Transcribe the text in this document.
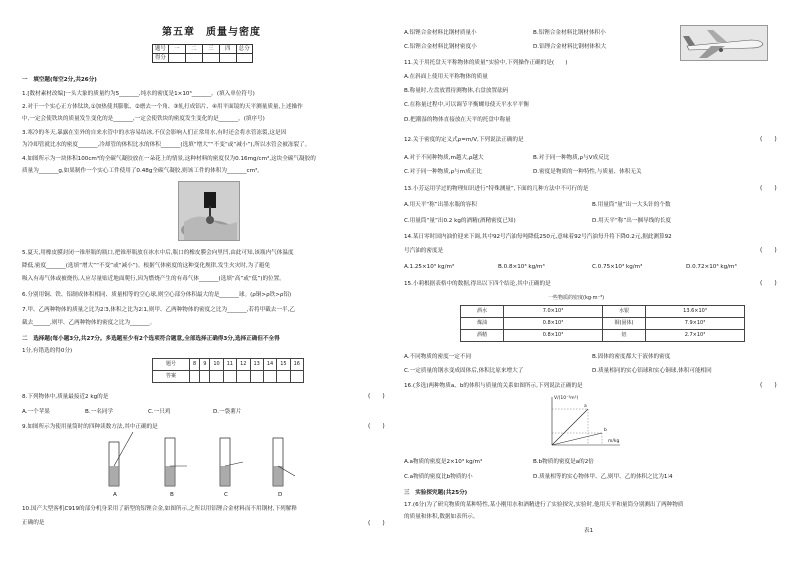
第五章　质量与密度
题号	一	二	三	四	总分
得分					
一　填空题(每空2分,共26分)
1.[数材素材改编]一头大象的质量约为5_______,纯水的密度是1×10³_______。(填入单位符号)
2.对于一个实心正方体钛块,①加热使其膨胀、②磨去一个角、③轧打成铝片、④用平面镜的天平测量质量,上述操作
中,一定会使铁块的质量发生变化的是_______,一定会使铁块的密度发生变化的是_______。(填序号)
3.寒冷的冬天,暴露在室外的自来水管中的水容易结冰,不仅会影响人们正常用水,有时还会将水管冻裂,这是因
为冷却管就比水的密度_______,冷却管的体积比水的体积_______(选填“增大”“不变”或“减小”),所以水管会被冻裂了。
4.如图所示为一块体积100cm³的全碳气凝胶放在一朵花上的情景,这种材料的密度仅为0.16mg/cm³,这块全碳气凝胶的
质量为_______g,如果制作一个实心工件使用了0.48g全碳气凝胶,则该工件的体积为_______cm³。
5.夏天,用橡皮膜封闭一锥形瓶的瓶口,把锥形瓶放在冰水中后,瓶口的橡皮膜会向里凹,由此可知,该瓶内气体温度
降低,密度_______(选填“增大”“不变”或“减小”)。根据气体密度的这种变化规律,发生火灾时,为了避免
吸入有毒气体或被烧伤,人应尽量贴近地面爬行,因为燃烧产生的有毒气体_______(选填“高”或“低”)的位置。
6.分别用铜、铁、铝制成体积相同、质量相等的空心球,则空心部分体积最大的是_______球。(ρ铜>ρ铁>ρ铝)
7.甲、乙两种物体的质量之比为2∶3,体积之比为2∶1,则甲、乙两种物体的密度之比为_______,若将甲截去一半,乙
截去______,则甲、乙两种物体的密度之比为_______。
二　选择题(每小题3分,共27分。多选题至少有2个选项符合题意,全部选择正确得3分,选择正确但不全得
1分,有错选的得0分)
题号	8	9	10	11	12	13	14	15	16
答案									
8.下列物体中,质量最接近2 kg的是	(　　)
A.一个苹果	B.一名同学	C.一只鸡	D.一袋薯片
9.如图所示为使用量筒时的四种读数方法,其中正确的是	(　　)
A	B	C	D
10.国产大型客机C919的部分机身采用了新型的铝锂合金,如图所示,之所以用铝锂合金材料而不用钢材,下列解释
正确的是	(　　)
A.铝锂合金材料比钢材质量小	B.铝锂合金材料比钢材体积小
C.铝锂合金材料比钢材密度小	D.铝锂合金材料比钢材体积大
11.关于用托盘天平称物体的质量”实验中,下列操作正确的是(　　)
A.在斜面上使用天平称物体的质量
B.称量时,左盘放置待测物体,右盘放置砝码
C.在称量过程中,可以调节平衡螺母使天平水平平衡
D.把潮湿的物体直接放在天平的托盘中称量
12.关于密度的定义式ρ=m/V,下列说法正确的是	(　　)
A.对于不同种物质,m越大,ρ越大	B.对于同一种物质,ρ与V成反比
C.对于同一种物质,ρ与m成正比	D.密度是物质的一种特性,与质量、体积无关
13.小芳运用学过的物理知识进行“特殊测量”,下面的几种方法中不可行的是	(　　)
A.用天平“称”出墨水瓶的容积	B.用量筒“量”出一大头针的个数
C.用量筒“量”出0.2 kg的酒精(酒精密度已知)	D.用天平“称”出一捆导线的长度
14.某日零时国内油价迎来下调,其中92号汽油每吨降低250元,意味着92号汽油每升将下降0.2元,据此测算92
号汽油的密度是	(　　)
A.1.25×10³ kg/m³	B.0.8×10³ kg/m³	C.0.75×10³ kg/m³	D.0.72×10³ kg/m³
15.小莉根据表格中的数据,得出以下四个结论,其中正确的是	(　　)
一些物质的密度(kg·m⁻³)
酒水	7.0×10³	水银	13.6×10³
煤油	0.8×10³	铜(固体)	7.9×10³
酒精	0.8×10³	铝	2.7×10³
A.不同物质的密度一定不同	B.固体的密度都大于液体的密度
C.一定质量的钢水变成固体后,体积比原来增大了	D.质量相同的实心铝球和实心铜球,体积可能相同
16.(多选)两种物质a、b的体积与质量的关系如图所示,下列说法正确的是	(　　)
V/(10⁻³m³)
m/kg
a
b
A.a物质的密度是2×10³ kg/m³	B.b物质的密度是a的2倍
C.a物质的密度比b物质的小	D.质量相等的实心物体甲、乙,则甲、乙的体积之比为1∶4
三　实验探究题(共25分)
17.(6分)为了研究物质的某种特性,某小刚用水和酒精进行了实验探究,实验时,他用天平和量筒分别测出了两种物质
的质量和体积,数据如表所示。
表1
